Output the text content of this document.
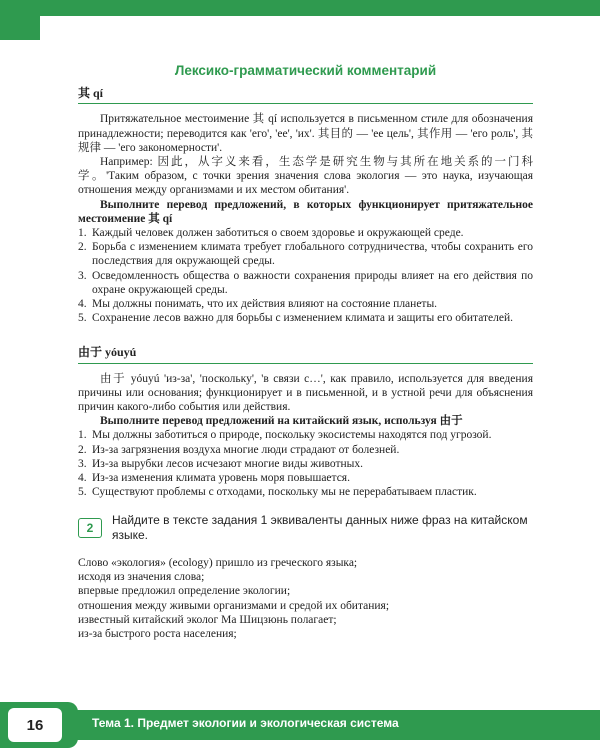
Лексико-грамматический комментарий
其 qí

Притяжательное местоимение 其 qí используется в письменном стиле для обозначения принадлежности; переводится как 'его', 'ее', 'их'. 其目的 — 'ее цель', 其作用 — 'его роль', 其规律 — 'его закономерности'.

Например: 因此，从字义来看，生态学是研究生物与其所在地关系的一门科学。'Таким образом, с точки зрения значения слова экология — это наука, изучающая отношения между организмами и их местом обитания'.

Выполните перевод предложений, в которых функционирует притяжательное местоимение 其 qí

1. Каждый человек должен заботиться о своем здоровье и окружающей среде.
2. Борьба с изменением климата требует глобального сотрудничества, чтобы сохранить его последствия для окружающей среды.
3. Осведомленность общества о важности сохранения природы влияет на его действия по охране окружающей среды.
4. Мы должны понимать, что их действия влияют на состояние планеты.
5. Сохранение лесов важно для борьбы с изменением климата и защиты его обитателей.
由于 yóuyú

由于 yóuyú 'из-за', 'поскольку', 'в связи с…', как правило, используется для введения причины или основания; функционирует и в письменной, и в устной речи для объяснения причин какого-либо события или действия.

Выполните перевод предложений на китайский язык, используя 由于

1. Мы должны заботиться о природе, поскольку экосистемы находятся под угрозой.
2. Из-за загрязнения воздуха многие люди страдают от болезней.
3. Из-за вырубки лесов исчезают многие виды животных.
4. Из-за изменения климата уровень моря повышается.
5. Существуют проблемы с отходами, поскольку мы не перерабатываем пластик.
2
Найдите в тексте задания 1 эквиваленты данных ниже фраз на китайском языке.
Слово «экология» (ecology) пришло из греческого языка;
исходя из значения слова;
впервые предложил определение экологии;
отношения между живыми организмами и средой их обитания;
известный китайский эколог Ма Шицзюнь полагает;
из-за быстрого роста населения;
16	Тема 1. Предмет экологии и экологическая система
